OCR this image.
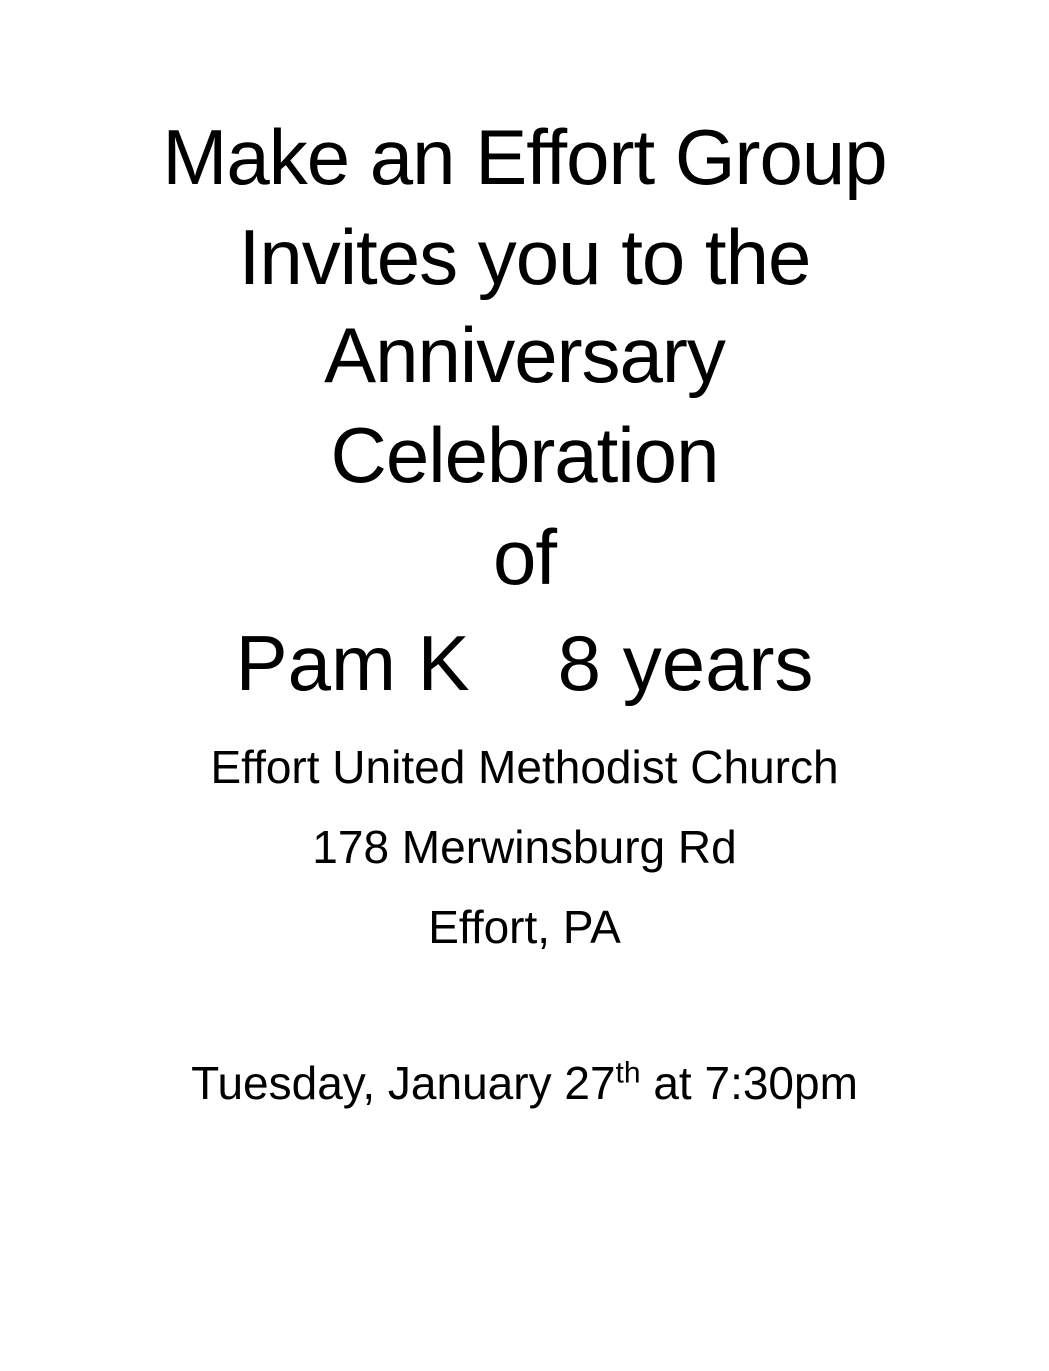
Make an Effort Group
Invites you to the
Anniversary
Celebration
of
Pam K 8 years
Effort United Methodist Church
178 Merwinsburg Rd
Effort, PA
Tuesday, January 27th at 7:30pm
